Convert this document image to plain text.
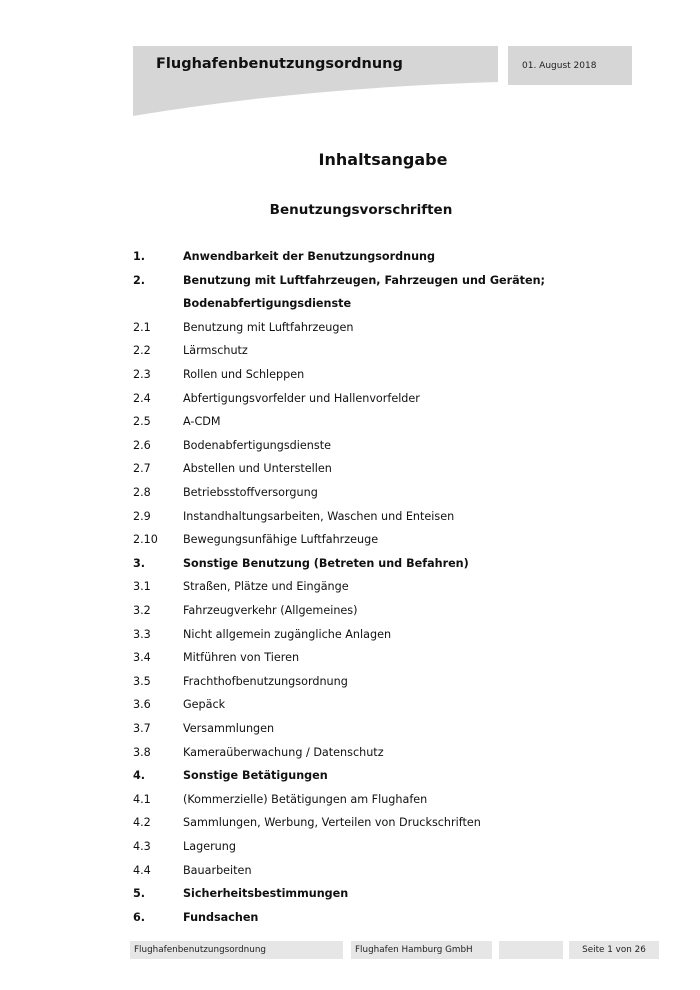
Flughafenbenutzungsordnung	01. August 2018
Inhaltsangabe
Benutzungsvorschriften
1.	Anwendbarkeit der Benutzungsordnung
2.	Benutzung mit Luftfahrzeugen, Fahrzeugen und Geräten;
Bodenabfertigungsdienste
2.1	Benutzung mit Luftfahrzeugen
2.2	Lärmschutz
2.3	Rollen und Schleppen
2.4	Abfertigungsvorfelder und Hallenvorfelder
2.5	A-CDM
2.6	Bodenabfertigungsdienste
2.7	Abstellen und Unterstellen
2.8	Betriebsstoffversorgung
2.9	Instandhaltungsarbeiten, Waschen und Enteisen
2.10 Bewegungsunfähige Luftfahrzeuge
3.	Sonstige Benutzung (Betreten und Befahren)
3.1	Straßen, Plätze und Eingänge
3.2	Fahrzeugverkehr (Allgemeines)
3.3	Nicht allgemein zugängliche Anlagen
3.4	Mitführen von Tieren
3.5	Frachthofbenutzungsordnung
3.6	Gepäck
3.7	Versammlungen
3.8	Kameraüberwachung / Datenschutz
4.	Sonstige Betätigungen
4.1	(Kommerzielle) Betätigungen am Flughafen
4.2	Sammlungen, Werbung, Verteilen von Druckschriften
4.3	Lagerung
4.4	Bauarbeiten
5.	Sicherheitsbestimmungen
6.	Fundsachen
Flughafenbenutzungsordnung	Flughafen Hamburg GmbH	Seite 1 von 26
